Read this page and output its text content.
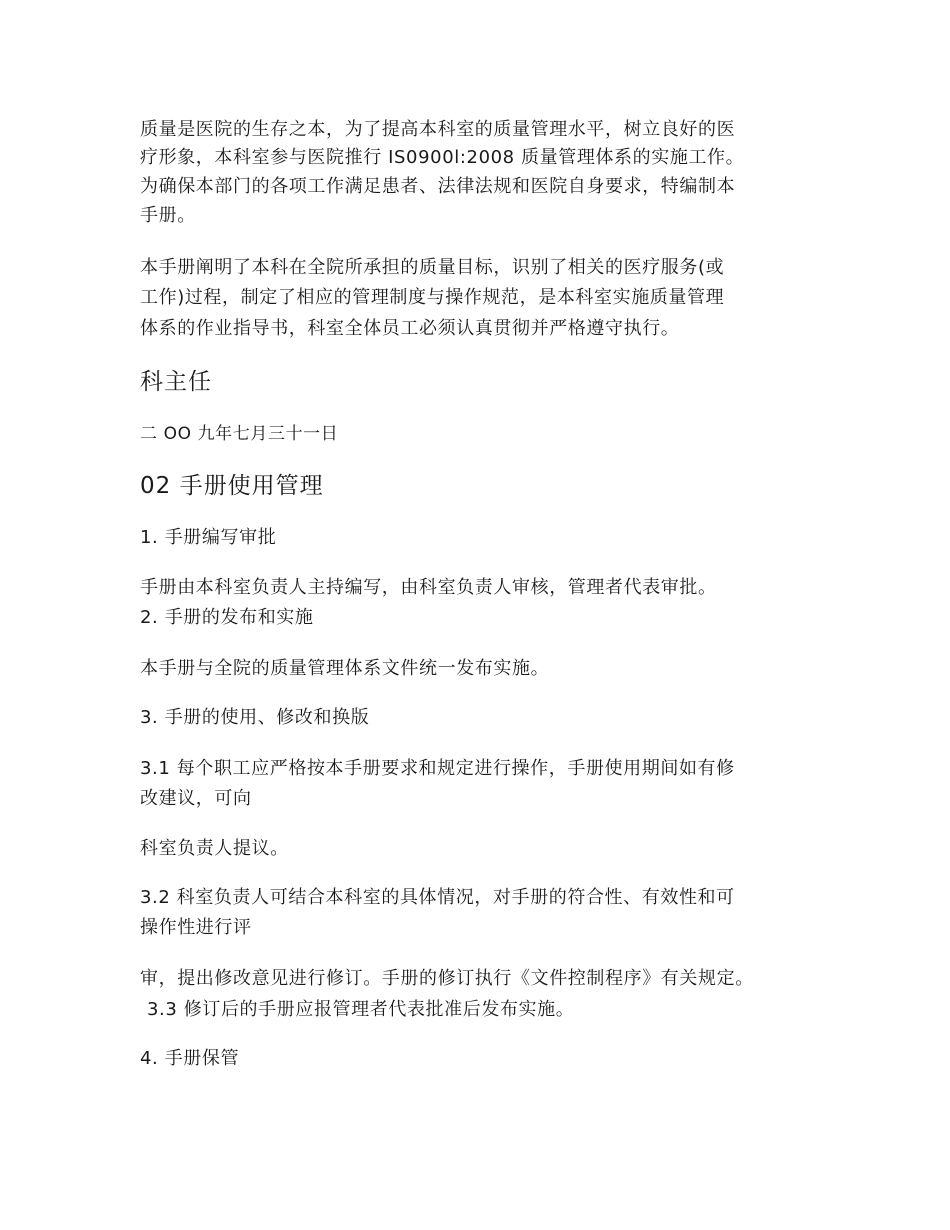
质量是医院的生存之本，为了提高本科室的质量管理水平，树立良好的医
疗形象，本科室参与医院推行 IS0900l:2008 质量管理体系的实施工作。
为确保本部门的各项工作满足患者、法律法规和医院自身要求，特编制本
手册。
本手册阐明了本科在全院所承担的质量目标，识别了相关的医疗服务(或
工作)过程，制定了相应的管理制度与操作规范，是本科室实施质量管理
体系的作业指导书，科室全体员工必须认真贯彻并严格遵守执行。
科主任
二 OO 九年七月三十一日
02 手册使用管理
1. 手册编写审批
手册由本科室负责人主持编写，由科室负责人审核，管理者代表审批。
2. 手册的发布和实施
本手册与全院的质量管理体系文件统一发布实施。
3. 手册的使用、修改和换版
3.1 每个职工应严格按本手册要求和规定进行操作，手册使用期间如有修
改建议，可向
科室负责人提议。
3.2 科室负责人可结合本科室的具体情况，对手册的符合性、有效性和可
操作性进行评
审，提出修改意见进行修订。手册的修订执行《文件控制程序》有关规定。
3.3 修订后的手册应报管理者代表批准后发布实施。
4. 手册保管
